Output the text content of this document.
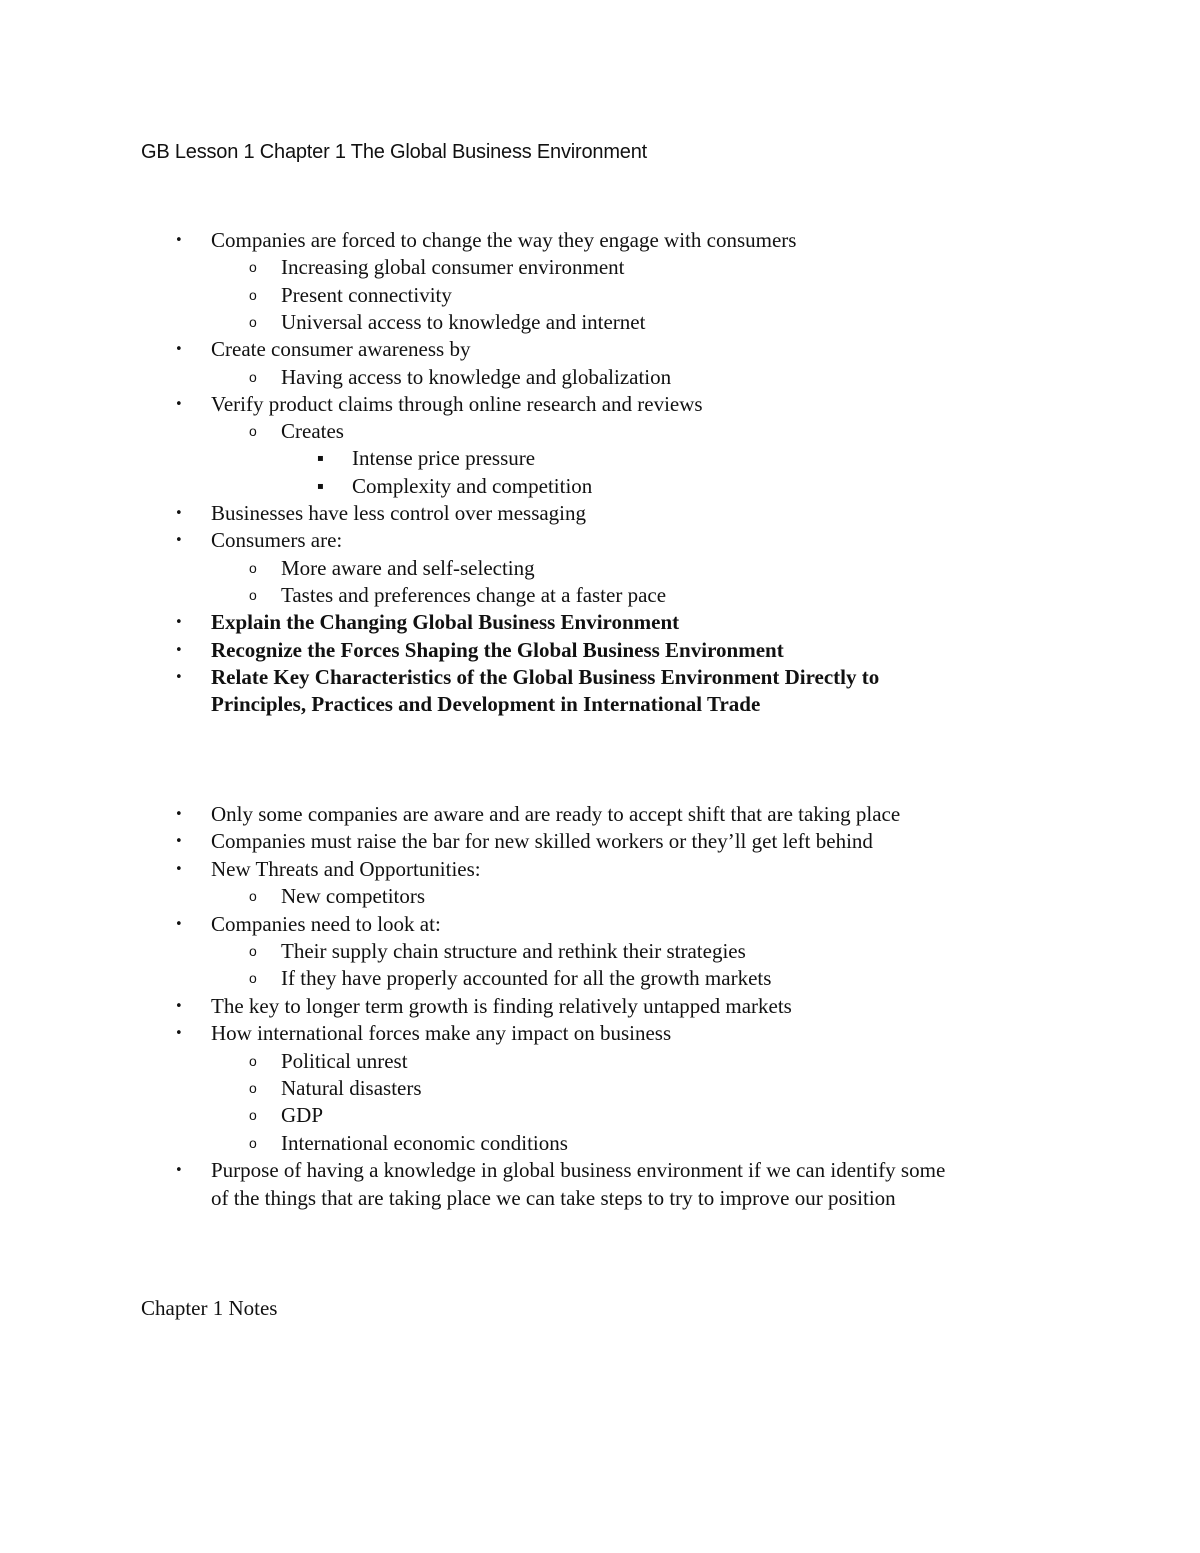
GB Lesson 1 Chapter 1 The Global Business Environment
• Companies are forced to change the way they engage with consumers
o Increasing global consumer environment
o Present connectivity
o Universal access to knowledge and internet
• Create consumer awareness by
o Having access to knowledge and globalization
• Verify product claims through online research and reviews
o Creates
▪ Intense price pressure
▪ Complexity and competition
• Businesses have less control over messaging
• Consumers are:
o More aware and self-selecting
o Tastes and preferences change at a faster pace
• Explain the Changing Global Business Environment
• Recognize the Forces Shaping the Global Business Environment
• Relate Key Characteristics of the Global Business Environment Directly to
Principles, Practices and Development in International Trade
• Only some companies are aware and are ready to accept shift that are taking place
• Companies must raise the bar for new skilled workers or they’ll get left behind
• New Threats and Opportunities:
o New competitors
• Companies need to look at:
o Their supply chain structure and rethink their strategies
o If they have properly accounted for all the growth markets
• The key to longer term growth is finding relatively untapped markets
• How international forces make any impact on business
o Political unrest
o Natural disasters
o GDP
o International economic conditions
• Purpose of having a knowledge in global business environment if we can identify some
of the things that are taking place we can take steps to try to improve our position
Chapter 1 Notes
